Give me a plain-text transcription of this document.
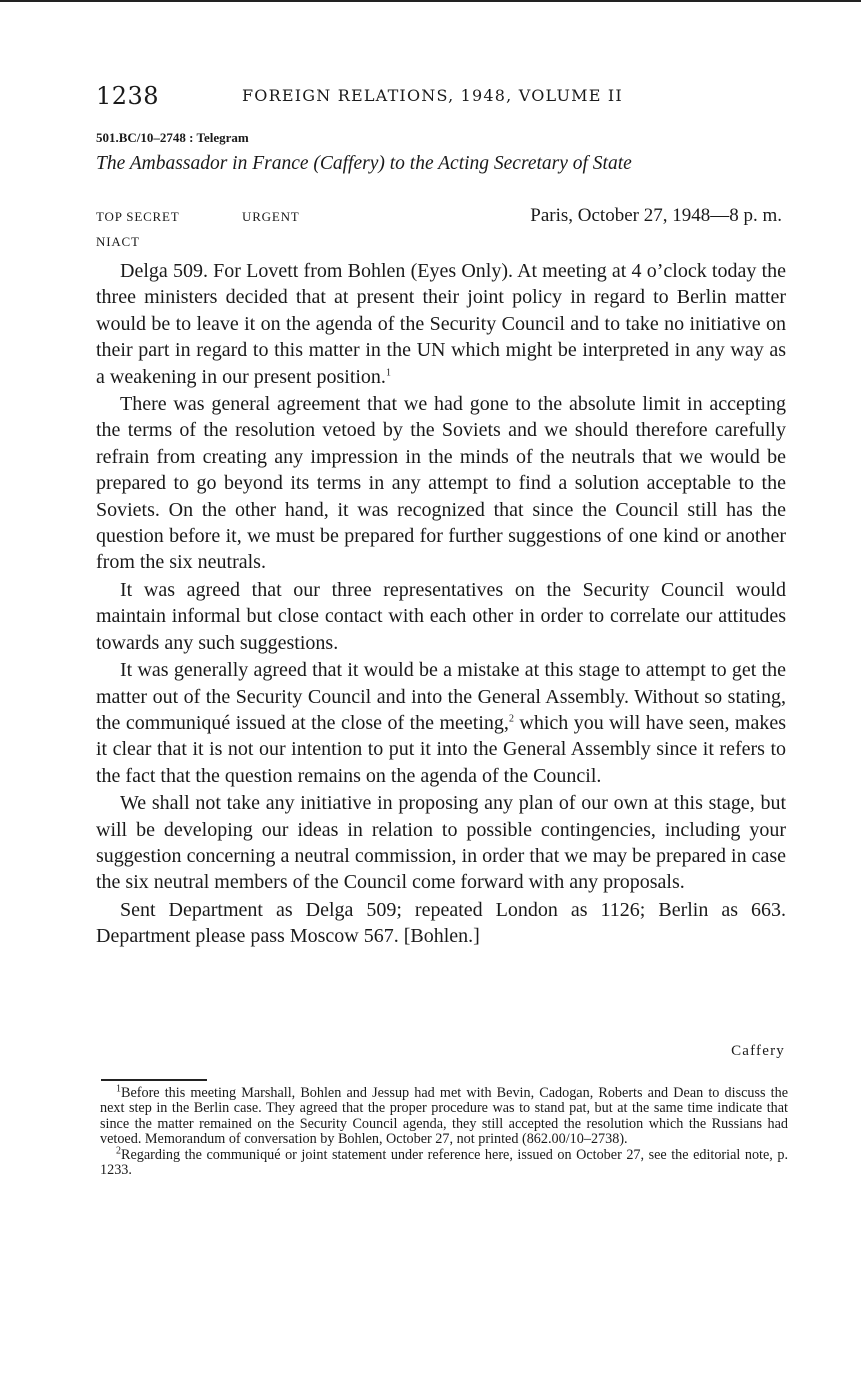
1238	FOREIGN RELATIONS, 1948, VOLUME II
501.BC/10–2748 : Telegram
The Ambassador in France (Caffery) to the Acting Secretary of State
TOP SECRET	URGENT	Paris, October 27, 1948—8 p. m.
NIACT

Delga 509. For Lovett from Bohlen (Eyes Only). At meeting at 4 o’clock today the three ministers decided that at present their joint policy in regard to Berlin matter would be to leave it on the agenda of the Security Council and to take no initiative on their part in regard to this matter in the UN which might be interpreted in any way as a weakening in our present position.$^1$

There was general agreement that we had gone to the absolute limit in accepting the terms of the resolution vetoed by the Soviets and we should therefore carefully refrain from creating any impression in the minds of the neutrals that we would be prepared to go beyond its terms in any attempt to find a solution acceptable to the Soviets. On the other hand, it was recognized that since the Council still has the question before it, we must be prepared for further suggestions of one kind or another from the six neutrals.

It was agreed that our three representatives on the Security Council would maintain informal but close contact with each other in order to correlate our attitudes towards any such suggestions.

It was generally agreed that it would be a mistake at this stage to attempt to get the matter out of the Security Council and into the General Assembly. Without so stating, the communiqué issued at the close of the meeting,$^2$ which you will have seen, makes it clear that it is not our intention to put it into the General Assembly since it refers to the fact that the question remains on the agenda of the Council.

We shall not take any initiative in proposing any plan of our own at this stage, but will be developing our ideas in relation to possible contingencies, including your suggestion concerning a neutral commission, in order that we may be prepared in case the six neutral members of the Council come forward with any proposals.

Sent Department as Delga 509; repeated London as 1126; Berlin as 663. Department please pass Moscow 567. [Bohlen.]

Caffery

$^1$Before this meeting Marshall, Bohlen and Jessup had met with Bevin, Cadogan, Roberts and Dean to discuss the next step in the Berlin case. They agreed that the proper procedure was to stand pat, but at the same time indicate that since the matter remained on the Security Council agenda, they still accepted the resolution which the Russians had vetoed. Memorandum of conversation by Bohlen, October 27, not printed (862.00/10–2738).

$^2$Regarding the communiqué or joint statement under reference here, issued on October 27, see the editorial note, p. 1233.
